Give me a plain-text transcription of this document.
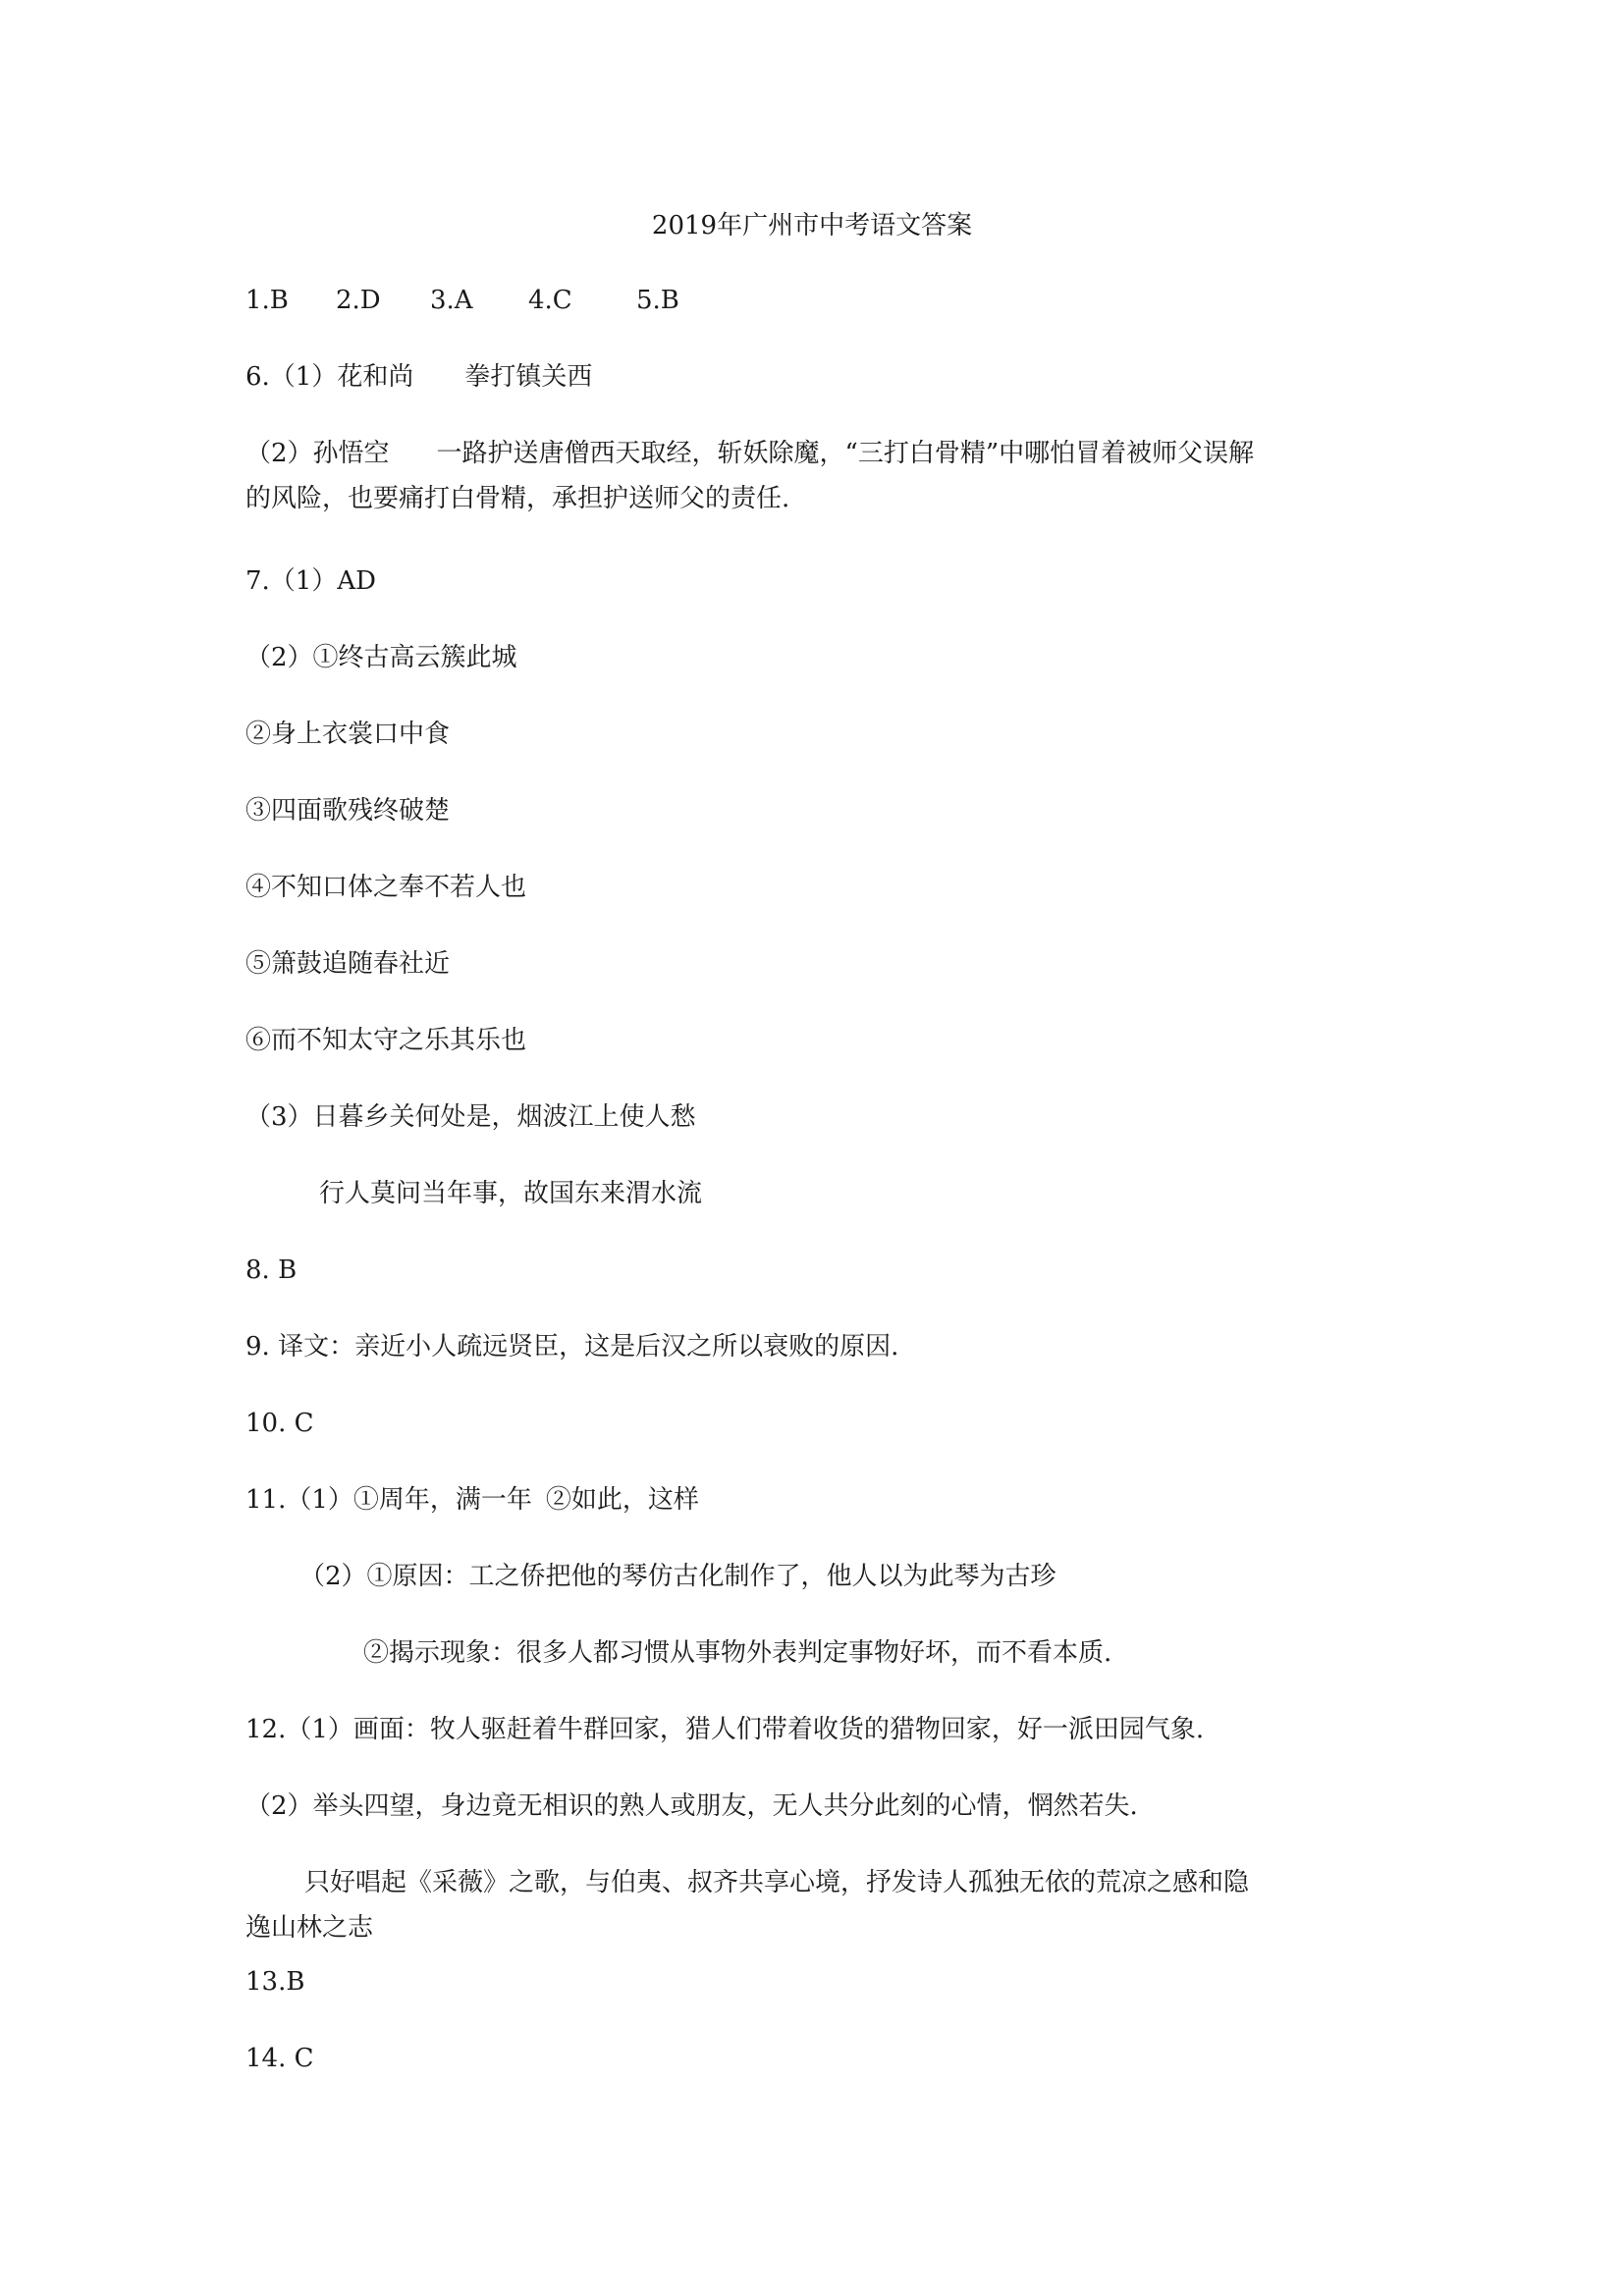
2019年广州市中考语文答案
1.B 2.D 3.A 4.C	5.B
6.（1）花和尚 拳打镇关西
（2）孙悟空 一路护送唐僧西天取经，斩妖除魔，“三打白骨精”中哪怕冒着被师父误解
的风险，也要痛打白骨精，承担护送师父的责任.
7.（1）AD
（2）①终古高云簇此城
②身上衣裳口中食
③四面歌残终破楚
④不知口体之奉不若人也
⑤箫鼓追随春社近
⑥而不知太守之乐其乐也
（3）日暮乡关何处是，烟波江上使人愁
行人莫问当年事，故国东来渭水流
8. B
9. 译文：亲近小人疏远贤臣，这是后汉之所以衰败的原因.
10. C
11.（1）①周年，满一年 ②如此，这样
（2）①原因：工之侨把他的琴仿古化制作了，他人以为此琴为古珍
②揭示现象：很多人都习惯从事物外表判定事物好坏，而不看本质.
12.（1）画面：牧人驱赶着牛群回家，猎人们带着收货的猎物回家，好一派田园气象.
（2）举头四望，身边竟无相识的熟人或朋友，无人共分此刻的心情，惘然若失.
只好唱起《采薇》之歌，与伯夷、叔齐共享心境，抒发诗人孤独无依的荒凉之感和隐
逸山林之志
13.B
14. C
